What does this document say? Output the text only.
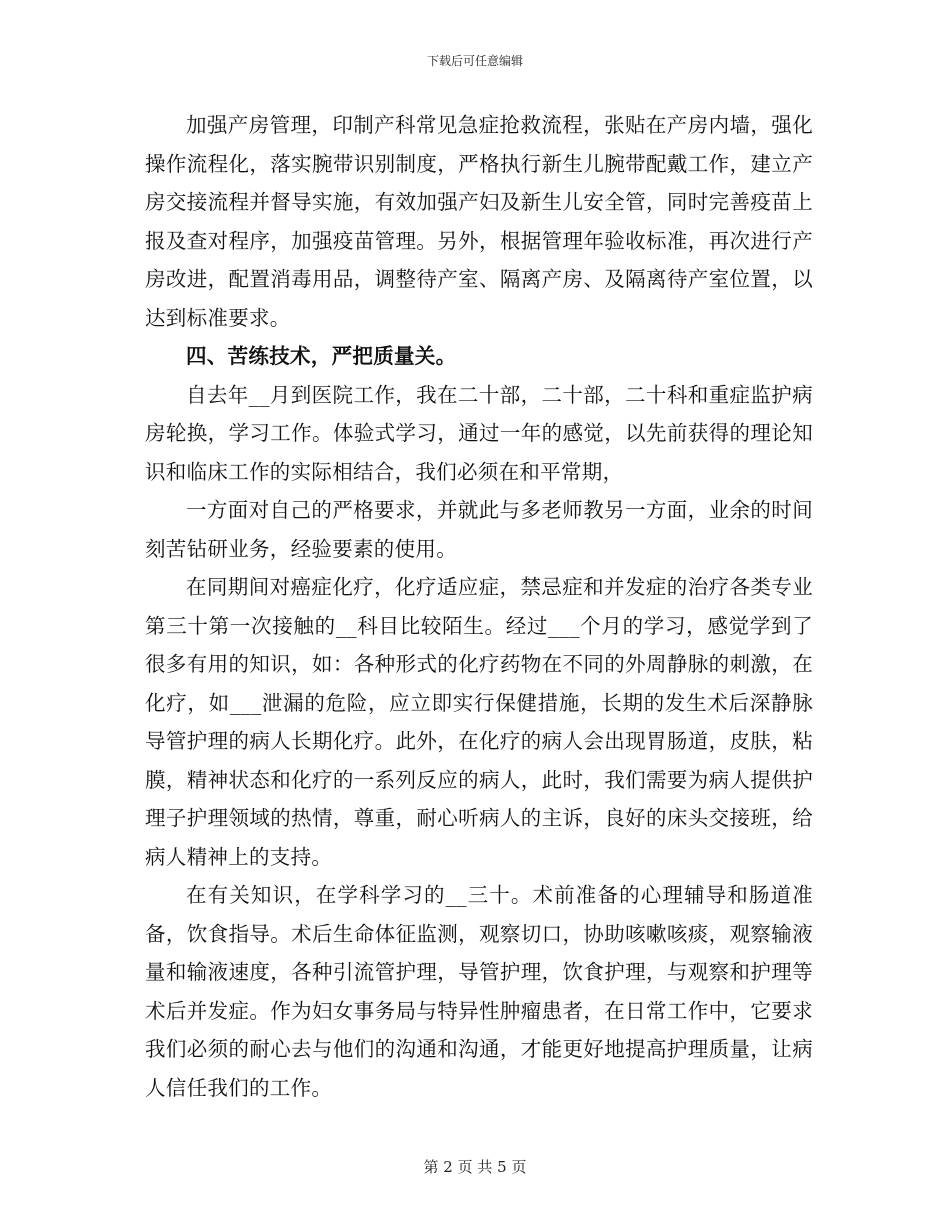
下载后可任意编辑

加强产房管理，印制产科常见急症抢救流程，张贴在产房内墙，强化操作流程化，落实腕带识别制度，严格执行新生儿腕带配戴工作，建立产房交接流程并督导实施，有效加强产妇及新生儿安全管，同时完善疫苗上报及查对程序，加强疫苗管理。另外，根据管理年验收标准，再次进行产房改进，配置消毒用品，调整待产室、隔离产房、及隔离待产室位置，以达到标准要求。

四、苦练技术，严把质量关。

自去年__月到医院工作，我在二十部，二十部，二十科和重症监护病房轮换，学习工作。体验式学习，通过一年的感觉，以先前获得的理论知识和临床工作的实际相结合，我们必须在和平常期，

一方面对自己的严格要求，并就此与多老师教另一方面，业余的时间刻苦钻研业务，经验要素的使用。

在同期间对癌症化疗，化疗适应症，禁忌症和并发症的治疗各类专业第三十第一次接触的__科目比较陌生。经过___个月的学习，感觉学到了很多有用的知识，如：各种形式的化疗药物在不同的外周静脉的刺激，在化疗，如___泄漏的危险，应立即实行保健措施，长期的发生术后深静脉导管护理的病人长期化疗。此外，在化疗的病人会出现胃肠道，皮肤，粘膜，精神状态和化疗的一系列反应的病人，此时，我们需要为病人提供护理子护理领域的热情，尊重，耐心听病人的主诉，良好的床头交接班，给病人精神上的支持。

在有关知识，在学科学习的__三十。术前准备的心理辅导和肠道准备，饮食指导。术后生命体征监测，观察切口，协助咳嗽咳痰，观察输液量和输液速度，各种引流管护理，导管护理，饮食护理，与观察和护理等术后并发症。作为妇女事务局与特异性肿瘤患者，在日常工作中，它要求我们必须的耐心去与他们的沟通和沟通，才能更好地提高护理质量，让病人信任我们的工作。

第 2 页 共 5 页
